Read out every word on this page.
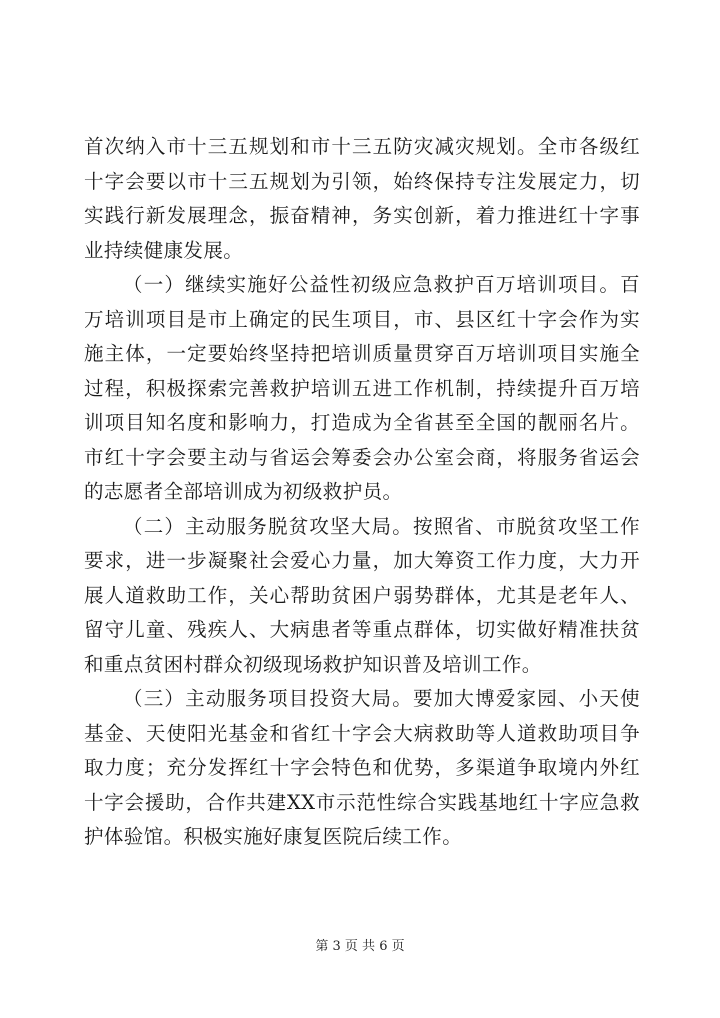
首次纳入市十三五规划和市十三五防灾减灾规划。全市各级红十字会要以市十三五规划为引领，始终保持专注发展定力，切实践行新发展理念，振奋精神，务实创新，着力推进红十字事业持续健康发展。

（一）继续实施好公益性初级应急救护百万培训项目。百万培训项目是市上确定的民生项目，市、县区红十字会作为实施主体，一定要始终坚持把培训质量贯穿百万培训项目实施全过程，积极探索完善救护培训五进工作机制，持续提升百万培训项目知名度和影响力，打造成为全省甚至全国的靓丽名片。市红十字会要主动与省运会筹委会办公室会商，将服务省运会的志愿者全部培训成为初级救护员。

（二）主动服务脱贫攻坚大局。按照省、市脱贫攻坚工作要求，进一步凝聚社会爱心力量，加大筹资工作力度，大力开展人道救助工作，关心帮助贫困户弱势群体，尤其是老年人、留守儿童、残疾人、大病患者等重点群体，切实做好精准扶贫和重点贫困村群众初级现场救护知识普及培训工作。

（三）主动服务项目投资大局。要加大博爱家园、小天使基金、天使阳光基金和省红十字会大病救助等人道救助项目争取力度；充分发挥红十字会特色和优势，多渠道争取境内外红十字会援助，合作共建XX市示范性综合实践基地红十字应急救护体验馆。积极实施好康复医院后续工作。

第 3 页 共 6 页
